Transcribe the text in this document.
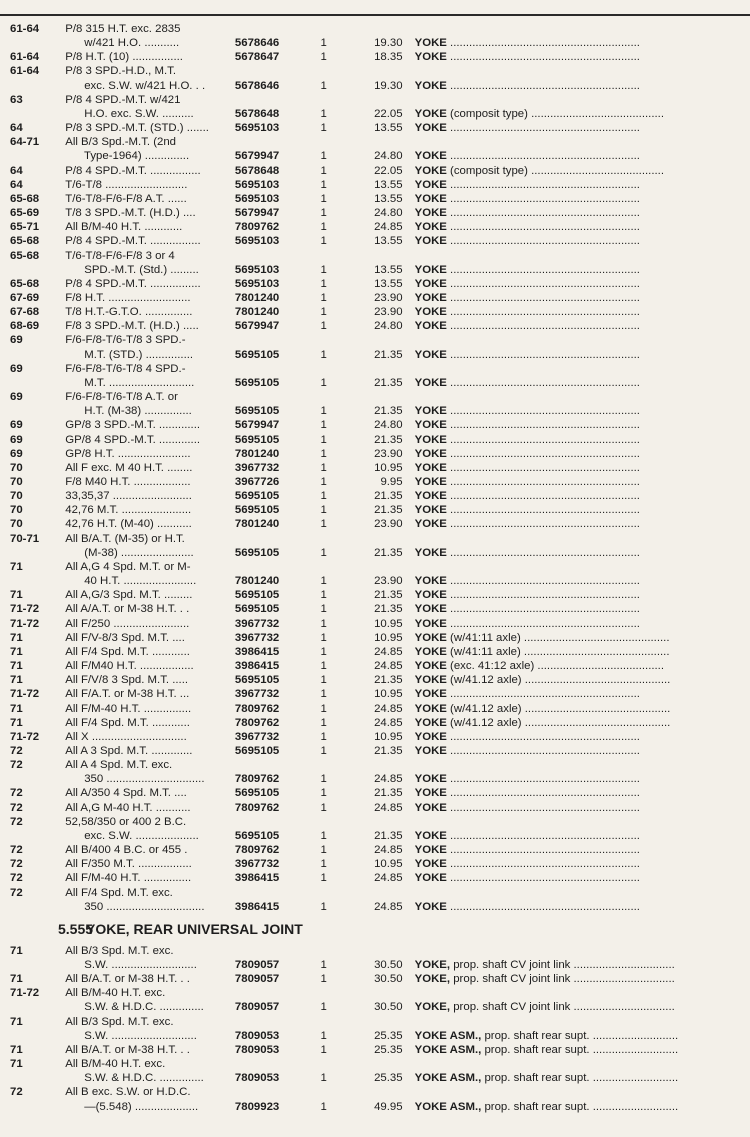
61-64	P/8 315 H.T. exc. 2835
w/421 H.O. ...........	5678646	1	19.30	YOKE ............................................................
61-64	P/8 H.T. (10) ................	5678647	1	18.35	YOKE ............................................................
61-64	P/8 3 SPD.-H.D., M.T.
exc. S.W. w/421 H.O. . .	5678646	1	19.30	YOKE ............................................................
63	P/8 4 SPD.-M.T. w/421
H.O. exc. S.W. ..........	5678648	1	22.05	YOKE (composit type) ..........................................
64	P/8 3 SPD.-M.T. (STD.) .......	5695103	1	13.55	YOKE ............................................................
64-71	All B/3 Spd.-M.T. (2nd
Type-1964) ..............	5679947	1	24.80	YOKE ............................................................
64	P/8 4 SPD.-M.T. ................	5678648	1	22.05	YOKE (composit type) ..........................................
64	T/6-T/8 ..........................	5695103	1	13.55	YOKE ............................................................
65-68	T/6-T/8-F/6-F/8 A.T. ......	5695103	1	13.55	YOKE ............................................................
65-69	T/8 3 SPD.-M.T. (H.D.) ....	5679947	1	24.80	YOKE ............................................................
65-71	All B/M-40 H.T. ............	7809762	1	24.85	YOKE ............................................................
65-68	P/8 4 SPD.-M.T. ................	5695103	1	13.55	YOKE ............................................................
65-68	T/6-T/8-F/6-F/8 3 or 4
SPD.-M.T. (Std.) .........	5695103	1	13.55	YOKE ............................................................
65-68	P/8 4 SPD.-M.T. ................	5695103	1	13.55	YOKE ............................................................
67-69	F/8 H.T. ..........................	7801240	1	23.90	YOKE ............................................................
67-68	T/8 H.T.-G.T.O. ...............	7801240	1	23.90	YOKE ............................................................
68-69	F/8 3 SPD.-M.T. (H.D.) .....	5679947	1	24.80	YOKE ............................................................
69	F/6-F/8-T/6-T/8 3 SPD.-
M.T. (STD.) ...............	5695105	1	21.35	YOKE ............................................................
69	F/6-F/8-T/6-T/8 4 SPD.-
M.T. ...........................	5695105	1	21.35	YOKE ............................................................
69	F/6-F/8-T/6-T/8 A.T. or
H.T. (M-38) ...............	5695105	1	21.35	YOKE ............................................................
69	GP/8 3 SPD.-M.T. .............	5679947	1	24.80	YOKE ............................................................
69	GP/8 4 SPD.-M.T. .............	5695105	1	21.35	YOKE ............................................................
69	GP/8 H.T. .......................	7801240	1	23.90	YOKE ............................................................
70	All F exc. M 40 H.T. ........	3967732	1	10.95	YOKE ............................................................
70	F/8 M40 H.T. ..................	3967726	1	9.95	YOKE ............................................................
70	33,35,37 .........................	5695105	1	21.35	YOKE ............................................................
70	42,76 M.T. ......................	5695105	1	21.35	YOKE ............................................................
70	42,76 H.T. (M-40) ...........	7801240	1	23.90	YOKE ............................................................
70-71	All B/A.T. (M-35) or H.T.
(M-38) .......................	5695105	1	21.35	YOKE ............................................................
71	All A,G 4 Spd. M.T. or M-
40 H.T. .......................	7801240	1	23.90	YOKE ............................................................
71	All A,G/3 Spd. M.T. .........	5695105	1	21.35	YOKE ............................................................
71-72	All A/A.T. or M-38 H.T. . .	5695105	1	21.35	YOKE ............................................................
71-72	All F/250 ........................	3967732	1	10.95	YOKE ............................................................
71	All F/V-8/3 Spd. M.T. ....	3967732	1	10.95	YOKE (w/41:11 axle) ..............................................
71	All F/4 Spd. M.T. ............	3986415	1	24.85	YOKE (w/41:11 axle) ..............................................
71	All F/M40 H.T. .................	3986415	1	24.85	YOKE (exc. 41:12 axle) ........................................
71	All F/V/8 3 Spd. M.T. .....	5695105	1	21.35	YOKE (w/41.12 axle) ..............................................
71-72	All F/A.T. or M-38 H.T. ...	3967732	1	10.95	YOKE ............................................................
71	All F/M-40 H.T. ...............	7809762	1	24.85	YOKE (w/41.12 axle) ..............................................
71	All F/4 Spd. M.T. ............	7809762	1	24.85	YOKE (w/41.12 axle) ..............................................
71-72	All X ..............................	3967732	1	10.95	YOKE ............................................................
72	All A 3 Spd. M.T. .............	5695105	1	21.35	YOKE ............................................................
72	All A 4 Spd. M.T. exc.
350 ...............................	7809762	1	24.85	YOKE ............................................................
72	All A/350 4 Spd. M.T. ....	5695105	1	21.35	YOKE ............................................................
72	All A,G M-40 H.T. ...........	7809762	1	24.85	YOKE ............................................................
72	52,58/350 or 400 2 B.C.
exc. S.W. ....................	5695105	1	21.35	YOKE ............................................................
72	All B/400 4 B.C. or 455 .	7809762	1	24.85	YOKE ............................................................
72	All F/350 M.T. .................	3967732	1	10.95	YOKE ............................................................
72	All F/M-40 H.T. ...............	3986415	1	24.85	YOKE ............................................................
72	All F/4 Spd. M.T. exc.
350 ...............................	3986415	1	24.85	YOKE ............................................................
5.555
YOKE, REAR UNIVERSAL JOINT
71	All B/3 Spd. M.T. exc.
S.W. ...........................	7809057	1	30.50	YOKE, prop. shaft CV joint link ................................
71	All B/A.T. or M-38 H.T. . .	7809057	1	30.50	YOKE, prop. shaft CV joint link ................................
71-72	All B/M-40 H.T. exc.
S.W. & H.D.C. ..............	7809057	1	30.50	YOKE, prop. shaft CV joint link ................................
71	All B/3 Spd. M.T. exc.
S.W. ...........................	7809053	1	25.35	YOKE ASM., prop. shaft rear supt. ...........................
71	All B/A.T. or M-38 H.T. . .	7809053	1	25.35	YOKE ASM., prop. shaft rear supt. ...........................
71	All B/M-40 H.T. exc.
S.W. & H.D.C. ..............	7809053	1	25.35	YOKE ASM., prop. shaft rear supt. ...........................
72	All B exc. S.W. or H.D.C.
—(5.548) ....................	7809923	1	49.95	YOKE ASM., prop. shaft rear supt. ...........................
